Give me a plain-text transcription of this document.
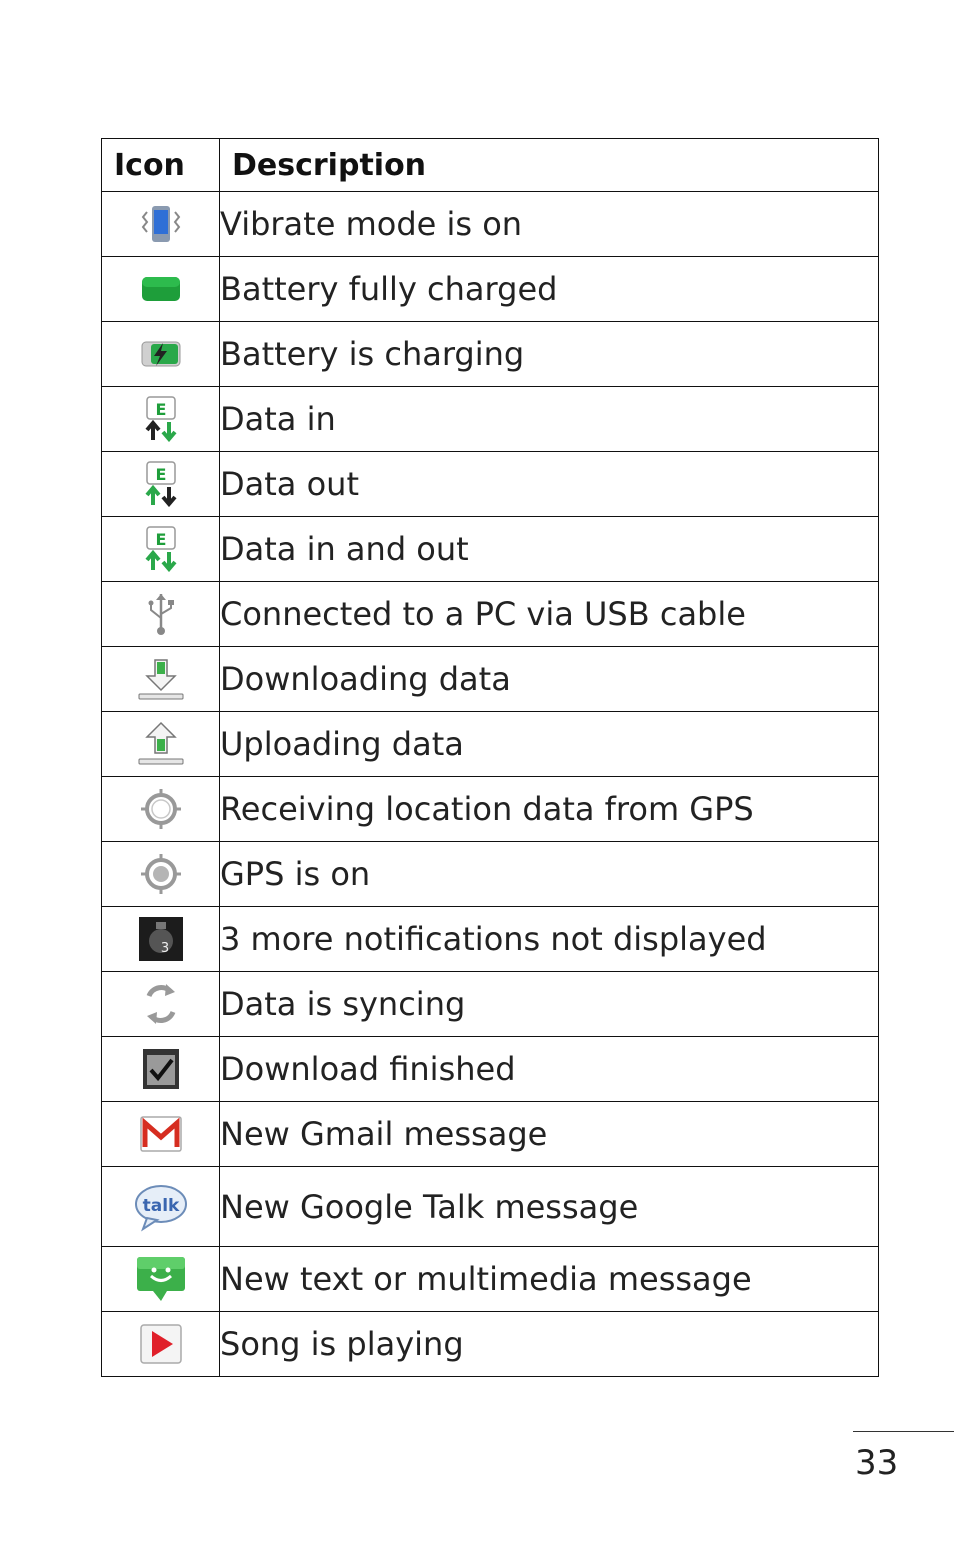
Icon	Description

	Vibrate mode is on

	Battery fully charged

	Battery is charging

E	Data in

E	Data out

E	Data in and out

	Connected to a PC via USB cable

	Downloading data

	Uploading data

	Receiving location data from GPS

	GPS is on

3	3 more notifications not displayed

	Data is syncing

	Download finished

	New Gmail message

talk	New Google Talk message

	New text or multimedia message

	Song is playing
33
